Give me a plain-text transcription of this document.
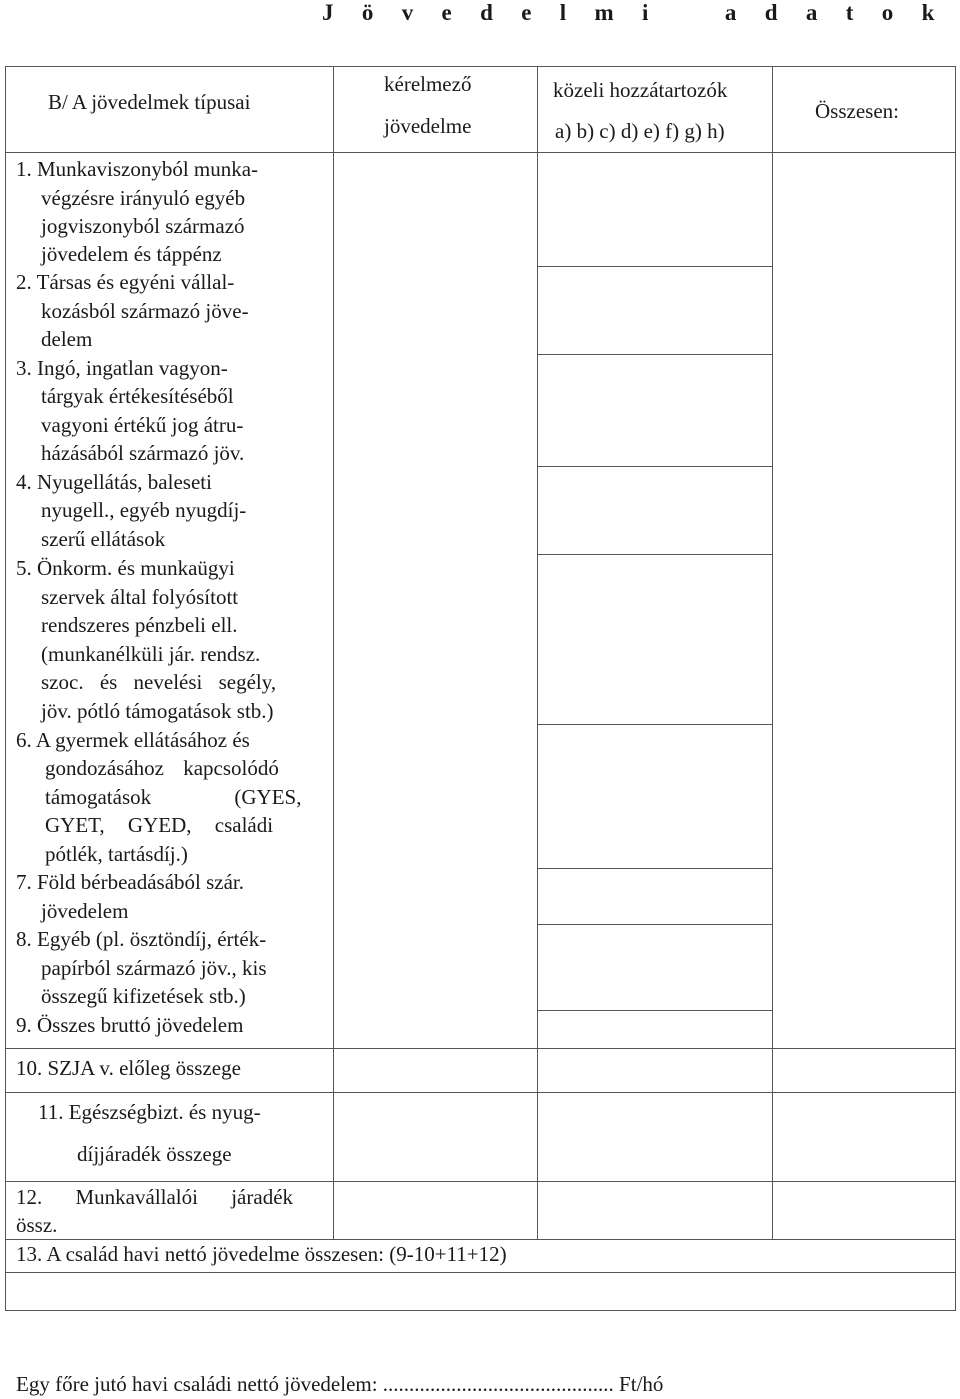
J ö v e d e l m i   a d a t o k
B/ A jövedelmek típusai
kérelmező
jövedelme
közeli hozzátartozók
a) b) c) d) e) f) g) h)
Összesen:
1. Munkaviszonyból munka-
végzésre irányuló egyéb
jogviszonyból származó
jövedelem és táppénz
2. Társas és egyéni vállal-
kozásból származó jöve-
delem
3. Ingó, ingatlan vagyon-
tárgyak értékesítéséből
vagyoni értékű jog átru-
házásából származó jöv.
4. Nyugellátás, baleseti
nyugell., egyéb nyugdíj-
szerű ellátások
5. Önkorm. és munkaügyi
szervek által folyósított
rendszeres pénzbeli ell.
(munkanélküli jár. rendsz.
szoc. és nevelési segély,
jöv. pótló támogatások stb.)
6. A gyermek ellátásához és
gondozásához kapcsolódó
támogatások (GYES,
GYET, GYED, családi
pótlék, tartásdíj.)
7. Föld bérbeadásából szár.
jövedelem
8. Egyéb (pl. ösztöndíj, érték-
papírból származó jöv., kis
összegű kifizetések stb.)
9. Összes bruttó jövedelem
10. SZJA v. előleg összege
11. Egészségbizt. és nyug-
díjjáradék összege
12. Munkavállalói járadék
össz.
13. A család havi nettó jövedelme összesen: (9-10+11+12)
Egy főre jutó havi családi nettó jövedelem: ............................................ Ft/hó
